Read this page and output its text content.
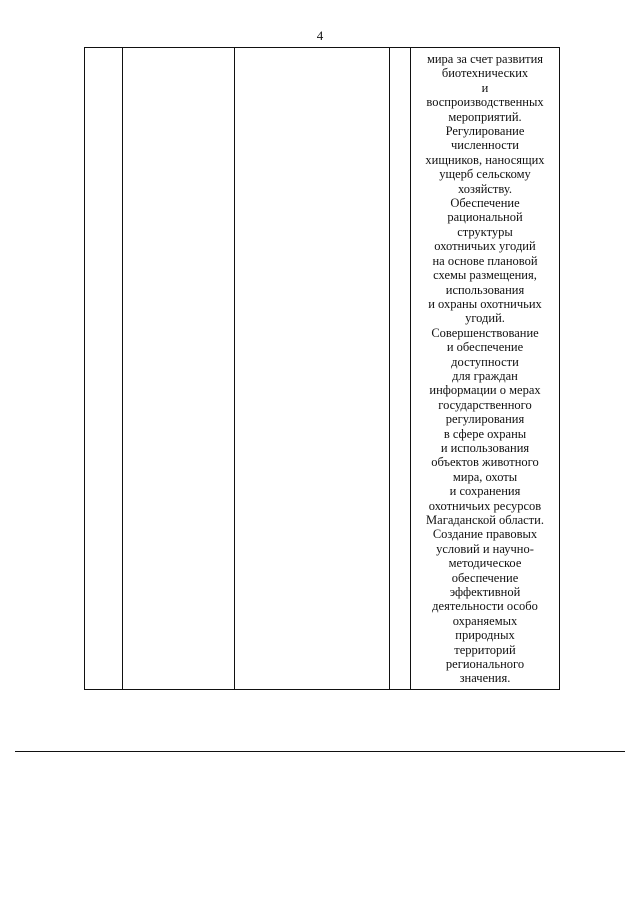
4
мира за счет развития
биотехнических
и
воспроизводственных
мероприятий.
Регулирование
численности
хищников, наносящих
ущерб сельскому
хозяйству.
Обеспечение
рациональной
структуры
охотничьих угодий
на основе плановой
схемы размещения,
использования
и охраны охотничьих
угодий.
Совершенствование
и обеспечение
доступности
для граждан
информации о мерах
государственного
регулирования
в сфере охраны
и использования
объектов животного
мира, охоты
и сохранения
охотничьих ресурсов
Магаданской области.
Создание правовых
условий и научно-
методическое
обеспечение
эффективной
деятельности особо
охраняемых
природных
территорий
регионального
значения.
